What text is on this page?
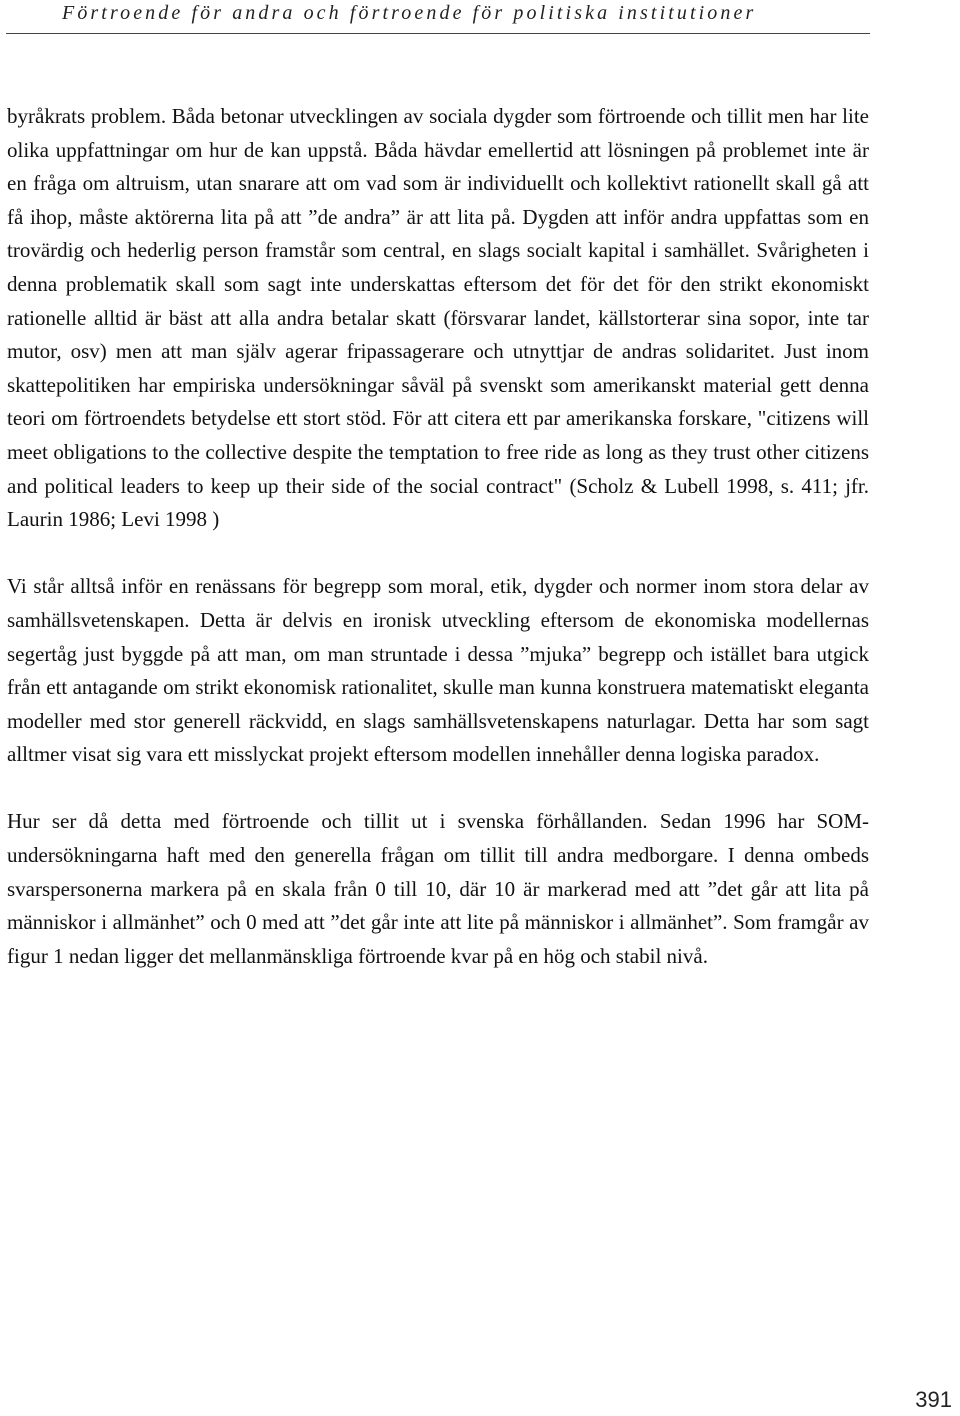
Förtroende för andra och förtroende för politiska institutioner

byråkrats problem. Båda betonar utvecklingen av sociala dygder som förtroende och tillit men har lite olika uppfattningar om hur de kan uppstå. Båda hävdar emellertid att lösningen på problemet inte är en fråga om altruism, utan snarare att om vad som är individuellt och kollektivt rationellt skall gå att få ihop, måste aktörerna lita på att ”de andra” är att lita på. Dygden att inför andra uppfattas som en trovärdig och hederlig person framstår som central, en slags socialt kapital i samhället. Svårigheten i denna problematik skall som sagt inte underskattas eftersom det för det för den strikt ekonomiskt rationelle alltid är bäst att alla andra betalar skatt (försvarar landet, källstorterar sina sopor, inte tar mutor, osv) men att man själv agerar fripassagerare och utnyttjar de andras solidaritet. Just inom skattepolitiken har empiriska undersökningar såväl på svenskt som amerikanskt material gett denna teori om förtroendets betydelse ett stort stöd. För att citera ett par amerikanska forskare, "citizens will meet obligations to the collective despite the temptation to free ride as long as they trust other citizens and political leaders to keep up their side of the social contract" (Scholz & Lubell 1998, s. 411; jfr. Laurin 1986; Levi 1998 )

Vi står alltså inför en renässans för begrepp som moral, etik, dygder och normer inom stora delar av samhällsvetenskapen. Detta är delvis en ironisk utveckling eftersom de ekonomiska modellernas segertåg just byggde på att man, om man struntade i dessa ”mjuka” begrepp och istället bara utgick från ett antagande om strikt ekonomisk rationalitet, skulle man kunna konstruera matematiskt eleganta modeller med stor generell räckvidd, en slags samhällsvetenskapens naturlagar. Detta har som sagt alltmer visat sig vara ett misslyckat projekt eftersom modellen innehåller denna logiska paradox.

Hur ser då detta med förtroende och tillit ut i svenska förhållanden. Sedan 1996 har SOM-undersökningarna haft med den generella frågan om tillit till andra medborgare. I denna ombeds svarspersonerna markera på en skala från 0 till 10, där 10 är markerad med att ”det går att lita på människor i allmänhet” och 0 med att ”det går inte att lite på människor i allmänhet”. Som framgår av figur 1 nedan ligger det mellanmänskliga förtroende kvar på en hög och stabil nivå.

391
